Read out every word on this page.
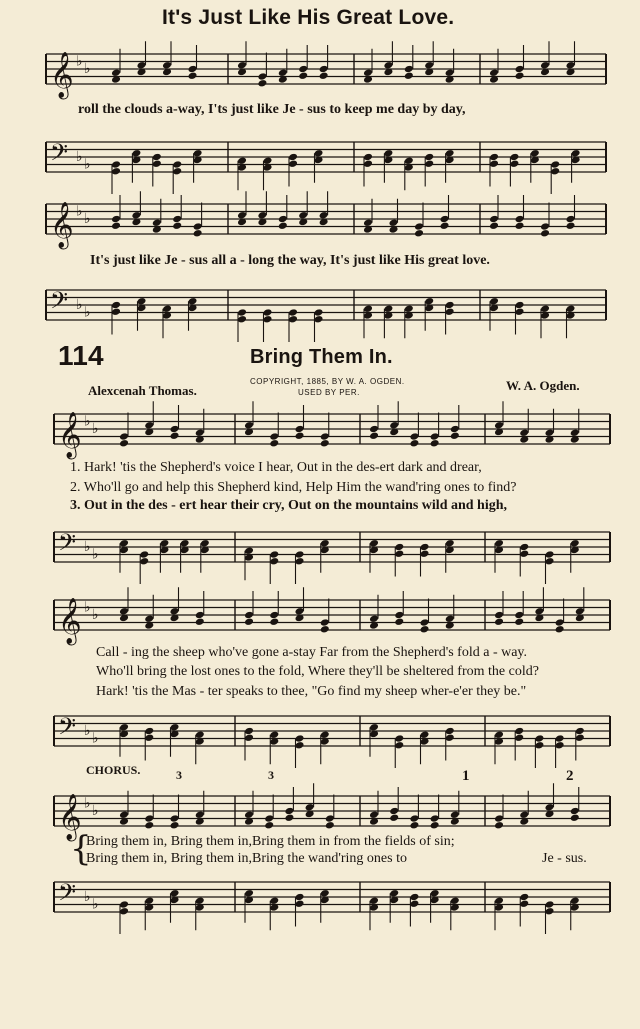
It's Just Like His Great Love.
𝄞 ♭ ♭
roll the clouds a-way, I'ts just like Je - sus to keep me day by day,
𝄢 ♭ ♭
𝄞 ♭ ♭
It's just like Je - sus all a - long the way, It's just like His great love.
𝄢 ♭ ♭
114	Bring Them In.
Alexcenah Thomas.
COPYRIGHT, 1885, BY W. A. OGDEN.
USED BY PER.	W. A. Ogden.
𝄞 ♭ ♭
1. Hark! 'tis the Shepherd's voice I hear, Out in the des-ert dark and drear,
2. Who'll go and help this Shepherd kind, Help Him the wand'ring ones to find?
3. Out in the des - ert hear their cry, Out on the mountains wild and high,
𝄢 ♭ ♭
𝄞 ♭ ♭
Call - ing the sheep who've gone a-stay Far from the Shepherd's fold a - way.
Who'll bring the lost ones to the fold, Where they'll be sheltered from the cold?
Hark! 'tis the Mas - ter speaks to thee, "Go find my sheep wher-e'er they be."
𝄢 ♭ ♭
CHORUS.	3	3	1	2
𝄞 ♭ ♭
{
Bring them in, Bring them in,Bring them in from the fields of sin;
Bring them in, Bring them in,Bring the wand'ring ones to	Je - sus.
𝄢 ♭ ♭
